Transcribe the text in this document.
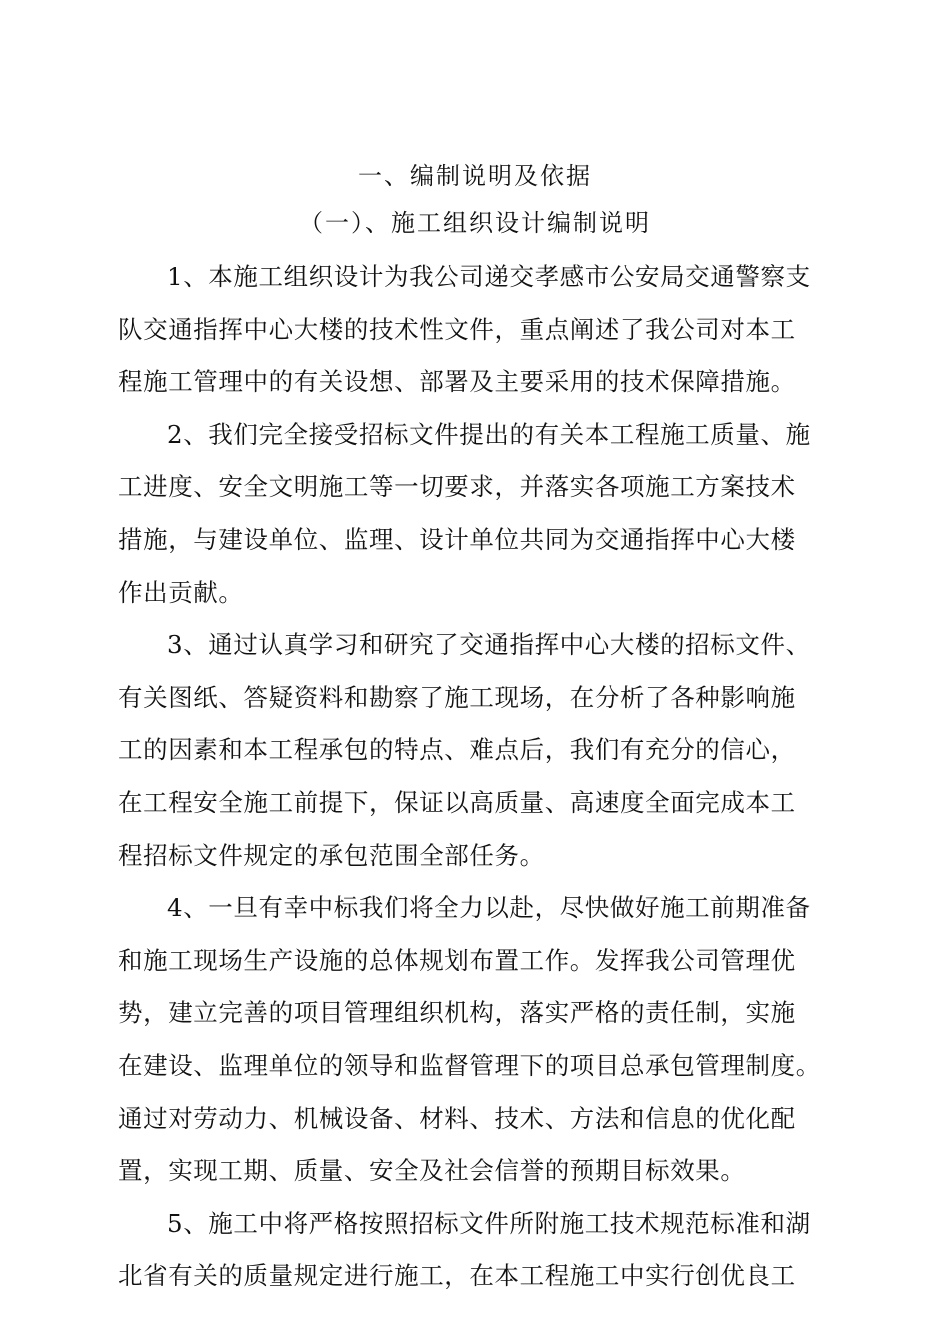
一、编制说明及依据
（一）、施工组织设计编制说明
1、本施工组织设计为我公司递交孝感市公安局交通警察支
队交通指挥中心大楼的技术性文件，重点阐述了我公司对本工
程施工管理中的有关设想、部署及主要采用的技术保障措施。
2、我们完全接受招标文件提出的有关本工程施工质量、施
工进度、安全文明施工等一切要求，并落实各项施工方案技术
措施，与建设单位、监理、设计单位共同为交通指挥中心大楼
作出贡献。
3、通过认真学习和研究了交通指挥中心大楼的招标文件、
有关图纸、答疑资料和勘察了施工现场，在分析了各种影响施
工的因素和本工程承包的特点、难点后，我们有充分的信心，
在工程安全施工前提下，保证以高质量、高速度全面完成本工
程招标文件规定的承包范围全部任务。
4、一旦有幸中标我们将全力以赴，尽快做好施工前期准备
和施工现场生产设施的总体规划布置工作。发挥我公司管理优
势，建立完善的项目管理组织机构，落实严格的责任制，实施
在建设、监理单位的领导和监督管理下的项目总承包管理制度。
通过对劳动力、机械设备、材料、技术、方法和信息的优化配
置，实现工期、质量、安全及社会信誉的预期目标效果。
5、施工中将严格按照招标文件所附施工技术规范标准和湖
北省有关的质量规定进行施工，在本工程施工中实行创优良工
